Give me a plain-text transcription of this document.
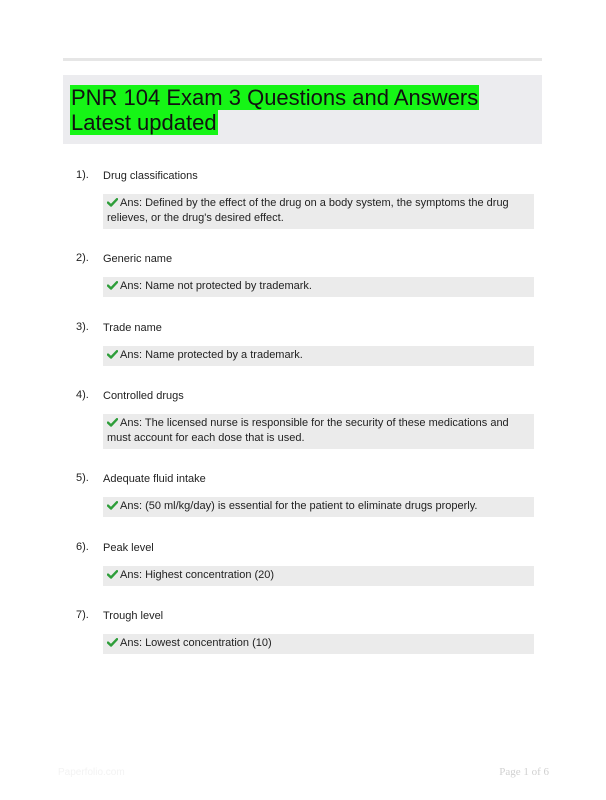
PNR 104 Exam 3 Questions and Answers Latest updated
1). Drug classifications
Ans: Defined by the effect of the drug on a body system, the symptoms the drug relieves, or the drug's desired effect.
2). Generic name
Ans: Name not protected by trademark.
3). Trade name
Ans: Name protected by a trademark.
4). Controlled drugs
Ans: The licensed nurse is responsible for the security of these medications and must account for each dose that is used.
5). Adequate fluid intake
Ans: (50 ml/kg/day) is essential for the patient to eliminate drugs properly.
6). Peak level
Ans: Highest concentration (20)
7). Trough level
Ans: Lowest concentration (10)
Paperfolio.com	Page 1 of 6
